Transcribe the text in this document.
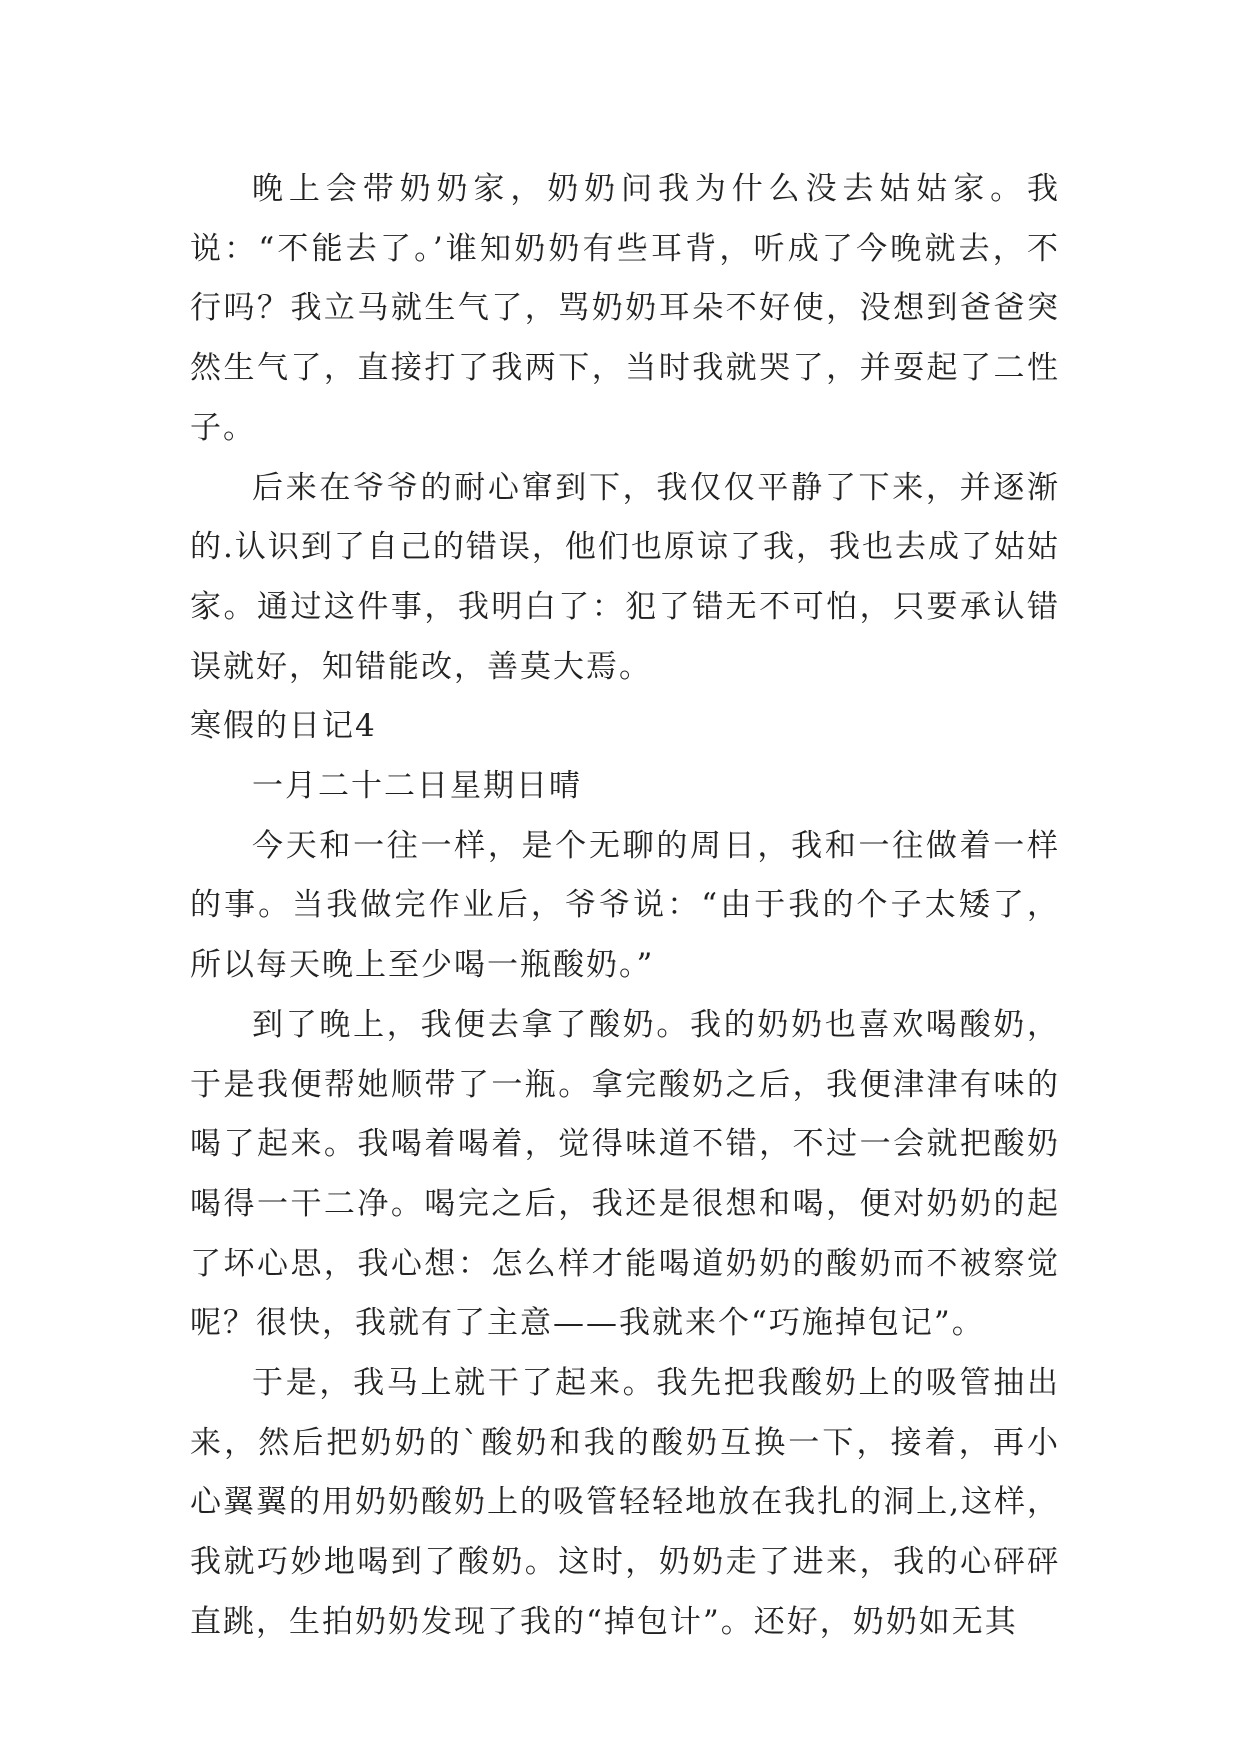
晚上会带奶奶家，奶奶问我为什么没去姑姑家。我说：“不能去了。’谁知奶奶有些耳背，听成了今晚就去，不行吗？我立马就生气了，骂奶奶耳朵不好使，没想到爸爸突然生气了，直接打了我两下，当时我就哭了，并耍起了二性子。

后来在爷爷的耐心窜到下，我仅仅平静了下来，并逐渐的.认识到了自己的错误，他们也原谅了我，我也去成了姑姑家。通过这件事，我明白了：犯了错无不可怕，只要承认错误就好，知错能改，善莫大焉。

寒假的日记4

一月二十二日星期日晴

今天和一往一样，是个无聊的周日，我和一往做着一样的事。当我做完作业后，爷爷说：“由于我的个子太矮了，所以每天晚上至少喝一瓶酸奶。”

到了晚上，我便去拿了酸奶。我的奶奶也喜欢喝酸奶，于是我便帮她顺带了一瓶。拿完酸奶之后，我便津津有味的喝了起来。我喝着喝着，觉得味道不错，不过一会就把酸奶喝得一干二净。喝完之后，我还是很想和喝，便对奶奶的起了坏心思，我心想：怎么样才能喝道奶奶的酸奶而不被察觉呢？很快，我就有了主意——我就来个“巧施掉包记”。

于是，我马上就干了起来。我先把我酸奶上的吸管抽出来，然后把奶奶的`酸奶和我的酸奶互换一下，接着，再小心翼翼的用奶奶酸奶上的吸管轻轻地放在我扎的洞上,这样，我就巧妙地喝到了酸奶。这时，奶奶走了进来，我的心砰砰直跳，生拍奶奶发现了我的“掉包计”。还好，奶奶如无其
